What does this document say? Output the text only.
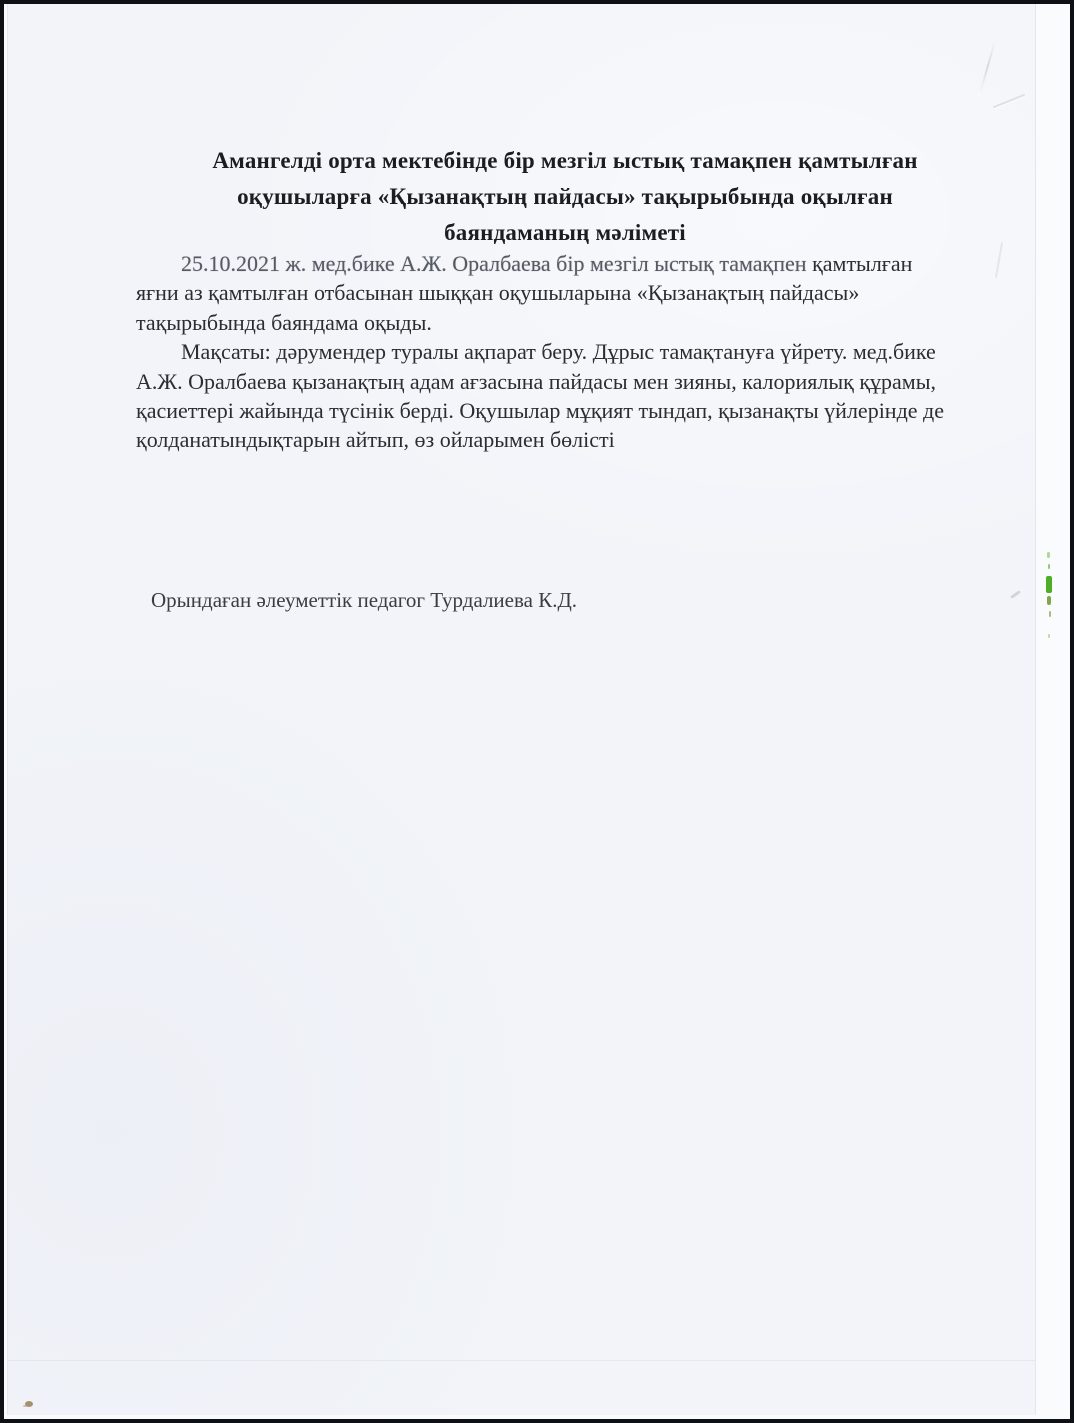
Амангелді орта мектебінде бір мезгіл ыстық тамақпен қамтылған
оқушыларға «Қызанақтың пайдасы» тақырыбында оқылған
баяндаманың мәліметі

25.10.2021 ж. мед.бике А.Ж. Оралбаева бір мезгіл ыстық тамақпен қамтылған яғни аз қамтылған отбасынан шыққан оқушыларына «Қызанақтың пайдасы» тақырыбында баяндама оқыды.

Мақсаты: дәрумендер туралы ақпарат беру. Дұрыс тамақтануға үйрету. мед.бике А.Ж. Оралбаева қызанақтың адам ағзасына пайдасы мен зияны, калориялық құрамы, қасиеттері жайында түсінік берді. Оқушылар мұқият тындап, қызанақты үйлерінде де қолданатындықтарын айтып, өз ойларымен бөлісті

Орындаған әлеуметтік педагог Турдалиева К.Д.
